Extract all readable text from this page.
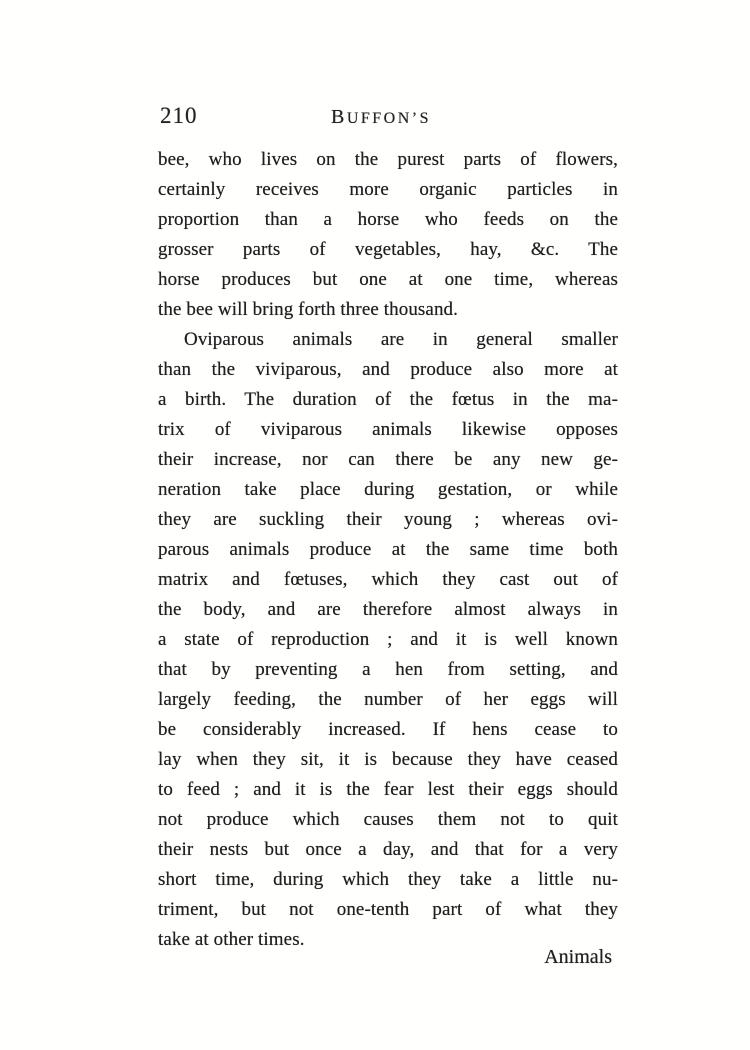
210	BUFFON’S
bee, who lives on the purest parts of flowers,
certainly receives more organic particles in
proportion than a horse who feeds on the
grosser parts of vegetables, hay, &c. The
horse produces but one at one time, whereas
the bee will bring forth three thousand.
Oviparous animals are in general smaller
than the viviparous, and produce also more at
a birth. The duration of the fœtus in the ma-
trix of viviparous animals likewise opposes
their increase, nor can there be any new ge-
neration take place during gestation, or while
they are suckling their young ; whereas ovi-
parous animals produce at the same time both
matrix and fœtuses, which they cast out of
the body, and are therefore almost always in
a state of reproduction ; and it is well known
that by preventing a hen from setting, and
largely feeding, the number of her eggs will
be considerably increased. If hens cease to
lay when they sit, it is because they have ceased
to feed ; and it is the fear lest their eggs should
not produce which causes them not to quit
their nests but once a day, and that for a very
short time, during which they take a little nu-
triment, but not one-tenth part of what they
take at other times.
Animals
